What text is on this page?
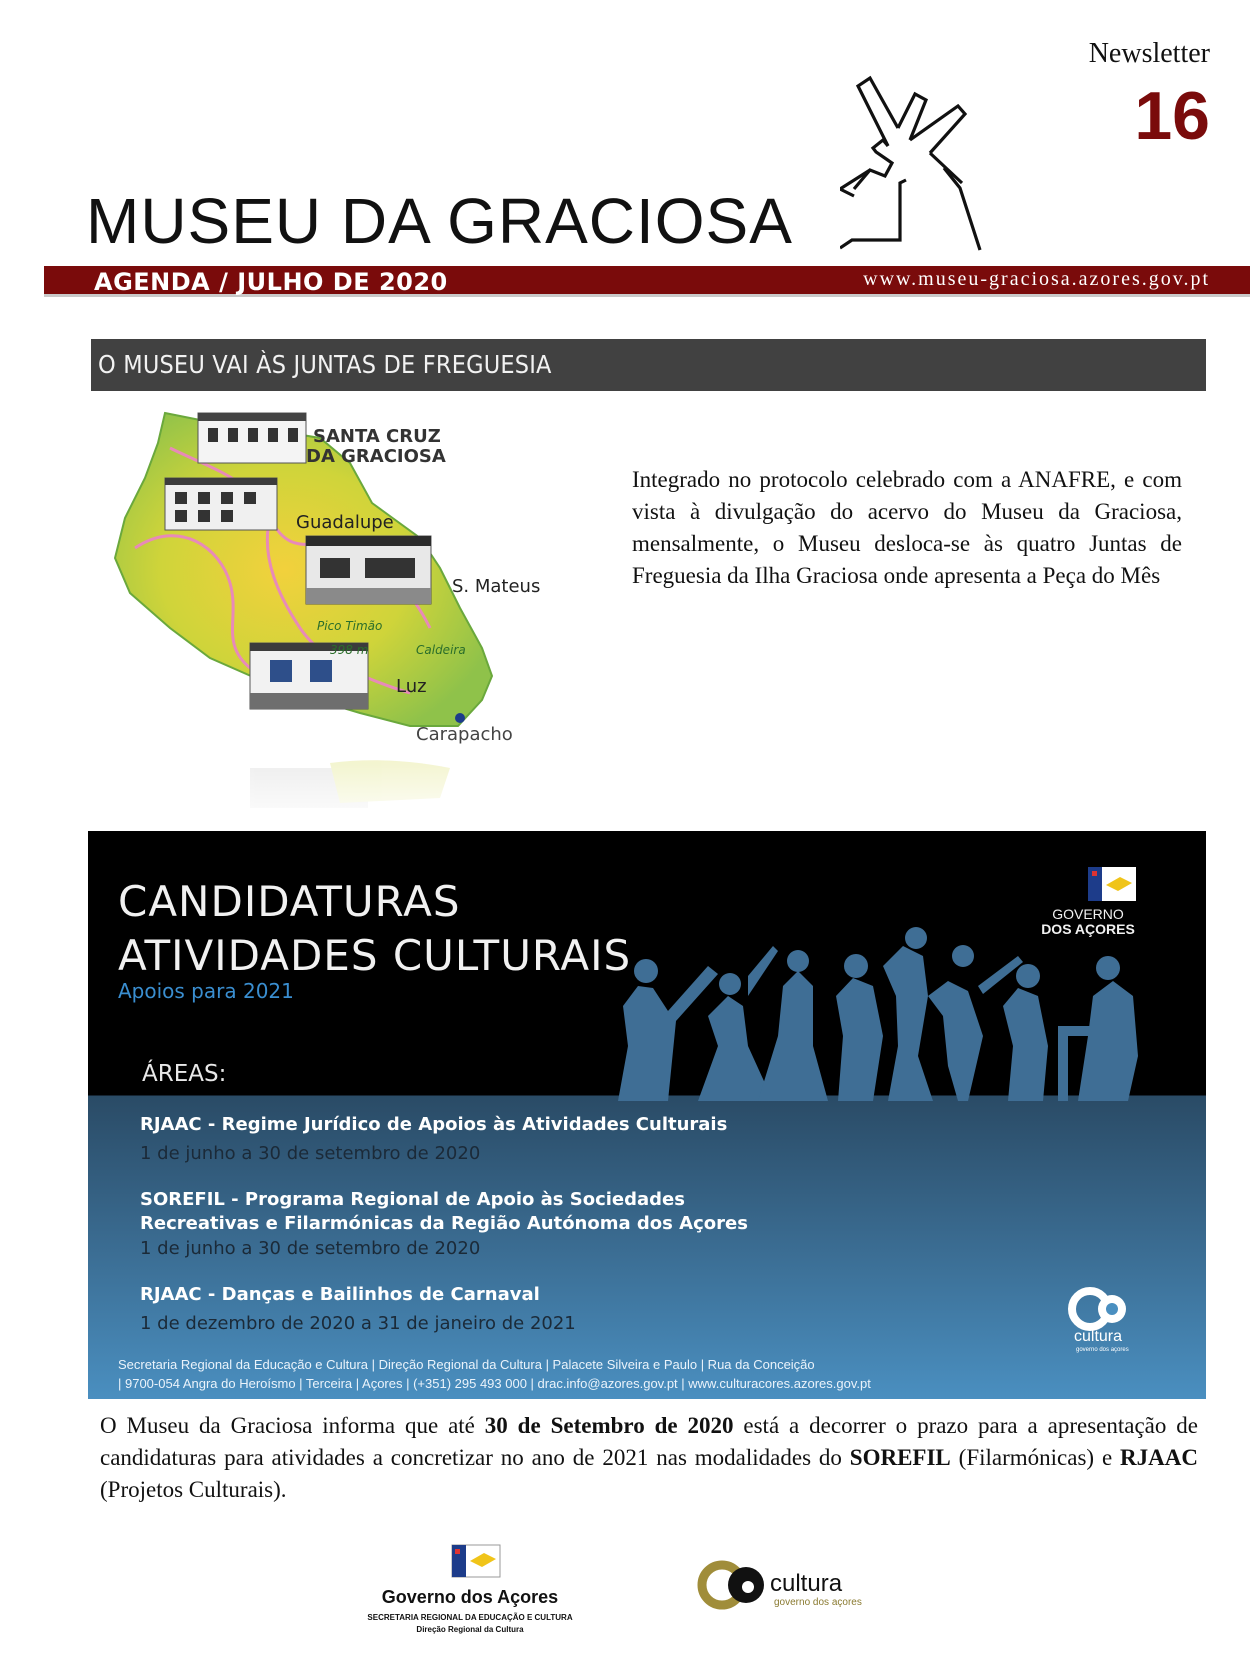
Newsletter
16
MUSEU DA GRACIOSA
AGENDA / JULHO DE 2020	www.museu-graciosa.azores.gov.pt
O MUSEU VAI ÀS JUNTAS DE FREGUESIA
SANTA CRUZ
DA GRACIOSA
Guadalupe
S. Mateus
Pico Timão
398 m	Caldeira
Luz
Carapacho
Integrado no protocolo celebrado com a ANAFRE, e com vista à divulgação do acervo do Museu da Graciosa, mensalmente, o Museu desloca-se às quatro Juntas de Freguesia da Ilha Graciosa onde apresenta a Peça do Mês
CANDIDATURAS
ATIVIDADES CULTURAIS
Apoios para 2021
GOVERNO
DOS AÇORES
ÁREAS:
RJAAC - Regime Jurídico de Apoios às Atividades Culturais
1 de junho a 30 de setembro de 2020
SOREFIL - Programa Regional de Apoio às Sociedades
Recreativas e Filarmónicas da Região Autónoma dos Açores
1 de junho a 30 de setembro de 2020
RJAAC - Danças e Bailinhos de Carnaval
1 de dezembro de 2020 a 31 de janeiro de 2021
cultura
governo dos açores
Secretaria Regional da Educação e Cultura | Direção Regional da Cultura | Palacete Silveira e Paulo | Rua da Conceição
| 9700-054 Angra do Heroísmo | Terceira | Açores | (+351) 295 493 000 | drac.info@azores.gov.pt | www.culturacores.azores.gov.pt
O Museu da Graciosa informa que até 30 de Setembro de 2020 está a decorrer o prazo para a apresentação de candidaturas para atividades a concretizar no ano de 2021 nas modalidades do SOREFIL (Filarmónicas) e RJAAC (Projetos Culturais).
Governo dos Açores
SECRETARIA REGIONAL DA EDUCAÇÃO E CULTURA
Direção Regional da Cultura
cultura
governo dos açores
